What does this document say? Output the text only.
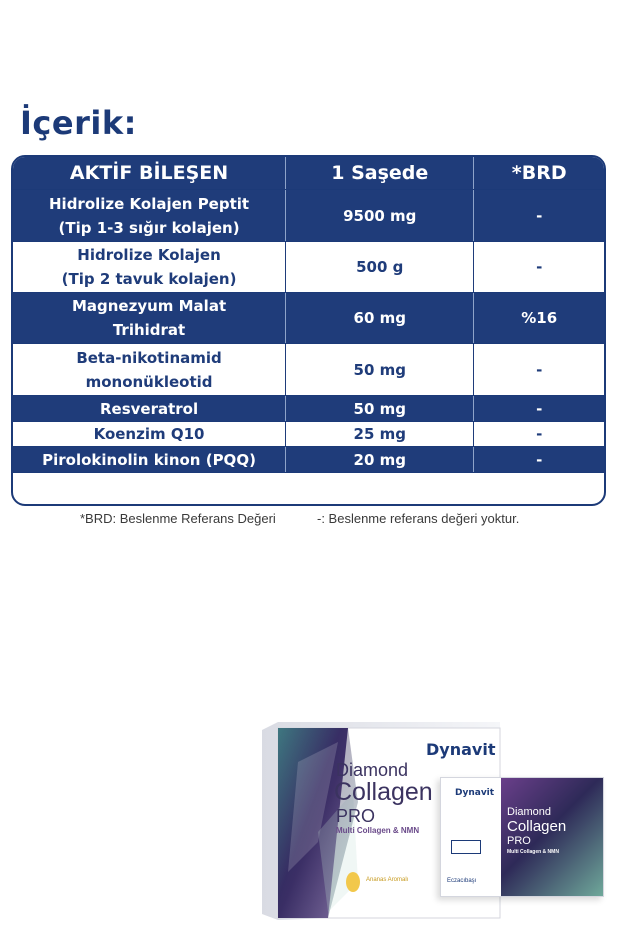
İçerik:
AKTİF BİLEŞEN	1 Saşede	*BRD
Hidrolize Kolajen Peptit
(Tip 1-3 sığır kolajen)
9500 mg	-
Hidrolize Kolajen
(Tip 2 tavuk kolajen)
500 g	-
Magnezyum Malat
Trihidrat
60 mg	%16
Beta-nikotinamid
mononükleotid
50 mg	-
Resveratrol	50 mg	-
Koenzim Q10	25 mg	-
Pirolokinolin kinon (PQQ)	20 mg	-
*BRD: Beslenme Referans Değeri	-: Beslenme referans değeri yoktur.
Dynavit
Diamond
Collagen
PRO
Multi Collagen & NMN
Ananas Aromalı
Dynavit
Diamond
Collagen
PRO
Multi Collagen & NMN
Eczacıbaşı
